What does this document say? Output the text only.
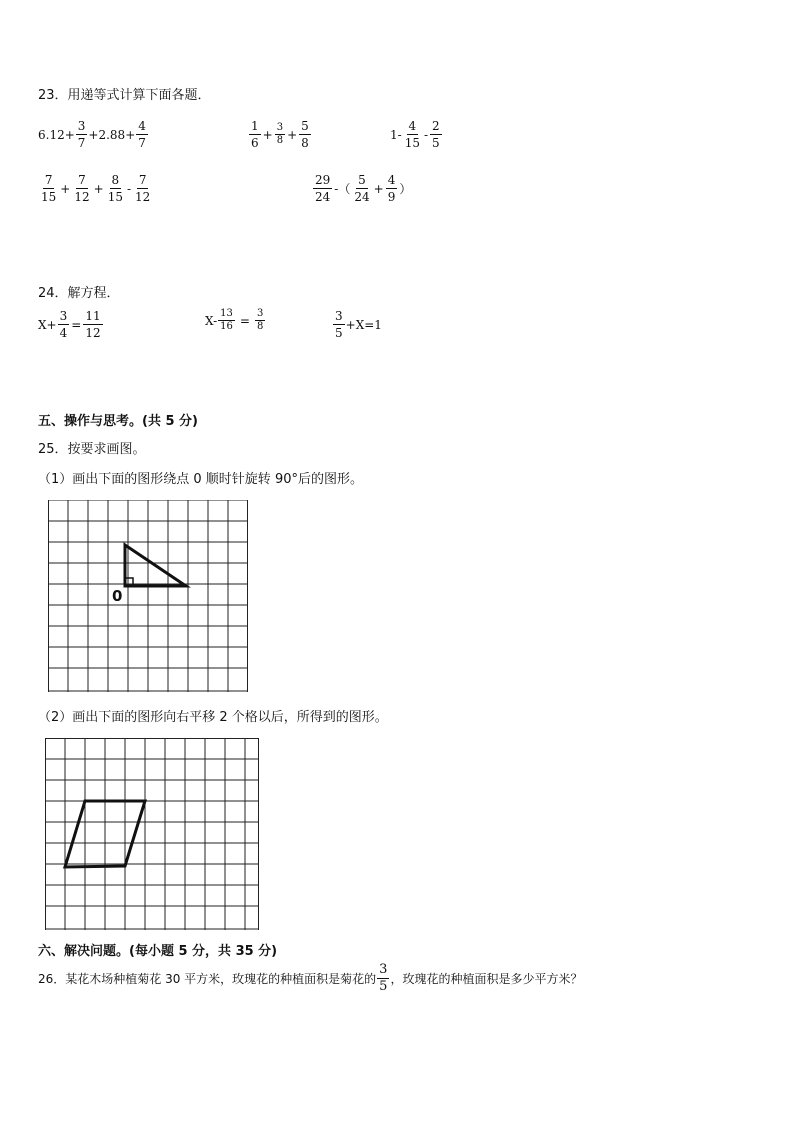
23．用递等式计算下面各题．
$6.12+ \frac{3}{7} +2.88+ \frac{4}{7}$	1
6
+ $\frac{3}{8} + \frac{5}{8}$	1-
4
15
-
2
5
7
15
+ $\frac{7}{12} + \frac{8}{15}$ -
7
12
29
24
-（
5
24
+ $\frac{4}{9}$ ）
24．解方程．
$X+ \frac{3}{4} = \frac{11}{12}$	$X- \frac{13}{16} = \frac{3}{8}$	3
5
+X=1
五、操作与思考。(共 5 分)
25．按要求画图。
（1）画出下面的图形绕点 0 顺时针旋转 90°后的图形。
0
（2）画出下面的图形向右平移 2 个格以后，所得到的图形。
六、解决问题。(每小题 5 分，共 35 分)
26．某花木场种植菊花 30 平方米，玫瑰花的种植面积是菊花的
3
5 ，玫瑰花的种植面积是多少平方米？
